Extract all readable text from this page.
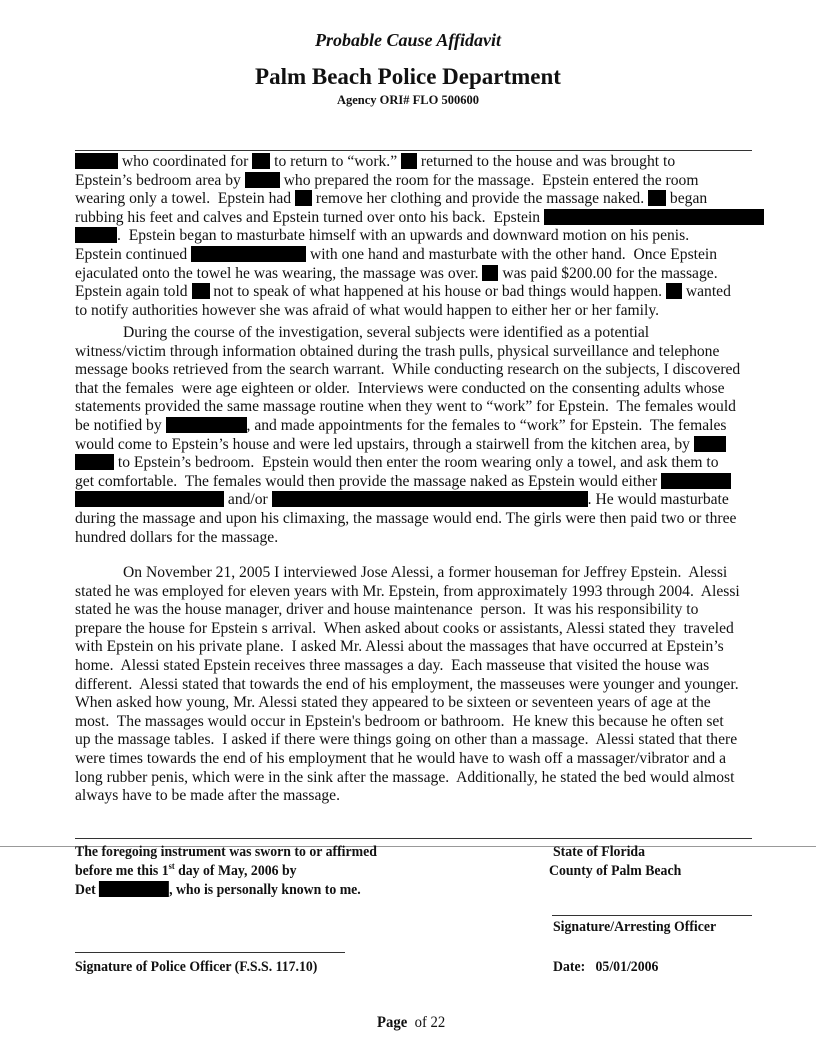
Probable Cause Affidavit
Palm Beach Police Department
Agency ORI# FLO 500600
who coordinated for  to return to “work.”  returned to the house and was brought to
Epstein’s bedroom area by  who prepared the room for the massage.  Epstein entered the room
wearing only a towel.  Epstein had  remove her clothing and provide the massage naked.  began
rubbing his feet and calves and Epstein turned over onto his back.  Epstein
.  Epstein began to masturbate himself with an upwards and downward motion on his penis.
Epstein continued	with one hand and masturbate with the other hand.  Once Epstein
ejaculated onto the towel he was wearing, the massage was over.  was paid $200.00 for the massage.
Epstein again told  not to speak of what happened at his house or bad things would happen.  wanted
to notify authorities however she was afraid of what would happen to either her or her family.
During the course of the investigation, several subjects were identified as a potential
witness/victim through information obtained during the trash pulls, physical surveillance and telephone
message books retrieved from the search warrant.  While conducting research on the subjects, I discovered
that the females  were age eighteen or older.  Interviews were conducted on the consenting adults whose
statements provided the same massage routine when they went to “work” for Epstein.  The females would
be notified by	, and made appointments for the females to “work” for Epstein.  The females
would come to Epstein’s house and were led upstairs, through a stairwell from the kitchen area, by
to Epstein’s bedroom.  Epstein would then enter the room wearing only a towel, and ask them to
get comfortable.  The females would then provide the massage naked as Epstein would either
and/or	. He would masturbate
during the massage and upon his climaxing, the massage would end. The girls were then paid two or three
hundred dollars for the massage.
On November 21, 2005 I interviewed Jose Alessi, a former houseman for Jeffrey Epstein.  Alessi
stated he was employed for eleven years with Mr. Epstein, from approximately 1993 through 2004.  Alessi
stated he was the house manager, driver and house maintenance  person.  It was his responsibility to
prepare the house for Epstein s arrival.  When asked about cooks or assistants, Alessi stated they  traveled
with Epstein on his private plane.  I asked Mr. Alessi about the massages that have occurred at Epstein’s
home.  Alessi stated Epstein receives three massages a day.  Each masseuse that visited the house was
different.  Alessi stated that towards the end of his employment, the masseuses were younger and younger.
When asked how young, Mr. Alessi stated they appeared to be sixteen or seventeen years of age at the
most.  The massages would occur in Epstein's bedroom or bathroom.  He knew this because he often set
up the massage tables.  I asked if there were things going on other than a massage.  Alessi stated that there
were times towards the end of his employment that he would have to wash off a massager/vibrator and a
long rubber penis, which were in the sink after the massage.  Additionally, he stated the bed would almost
always have to be made after the massage.
The foregoing instrument was sworn to or affirmed
before me this 1st day of May, 2006 by
Det	, who is personally known to me.
State of Florida
County of Palm Beach
Signature/Arresting Officer
Signature of Police Officer (F.S.S. 117.10)	Date: 05/01/2006
Page of 22
